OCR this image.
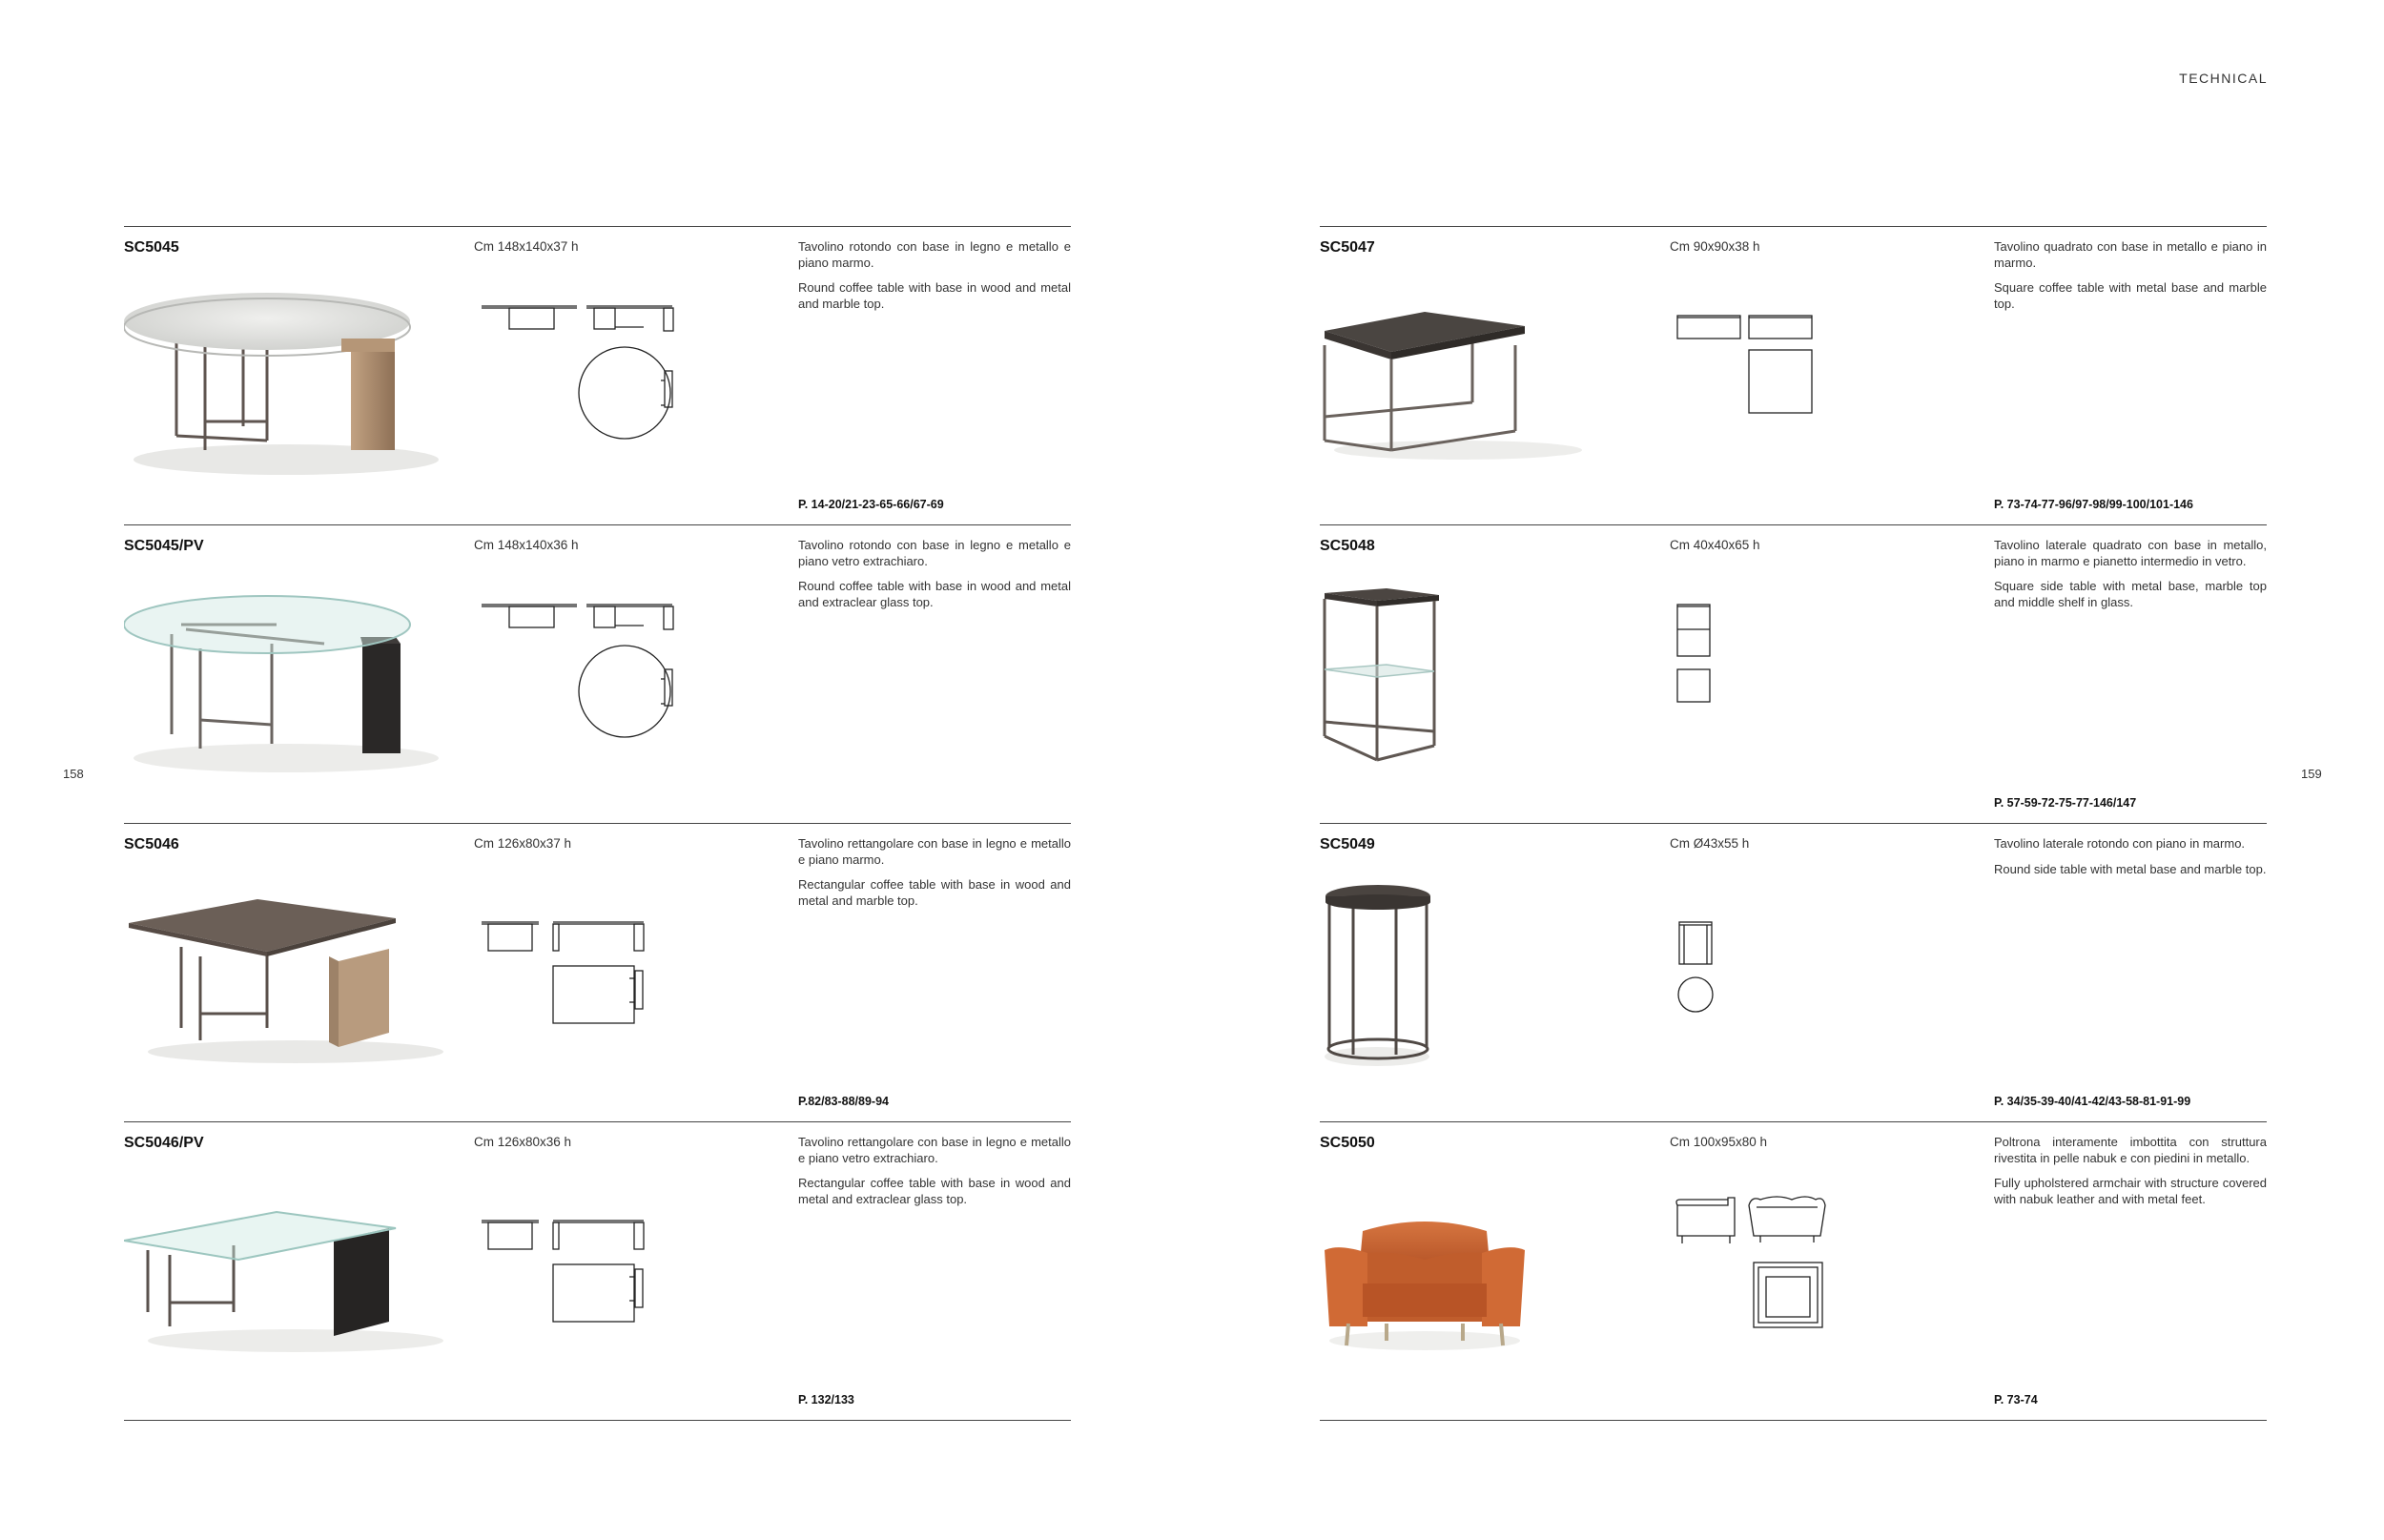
TECHNICAL
158	159
SC5045	Cm 148x140x37 h	Tavolino rotondo con base in legno e metallo e piano marmo.

Round coffee table with base in wood and metal and marble top.

P. 14-20/21-23-65-66/67-69
SC5045/PV	Cm 148x140x36 h	Tavolino rotondo con base in legno e metallo e piano vetro extrachiaro.

Round coffee table with base in wood and metal and extraclear glass top.

SC5046	Cm 126x80x37 h	Tavolino rettangolare con base in legno e metallo e piano marmo.

Rectangular coffee table with base in wood and metal and marble top.

P.82/83-88/89-94
SC5046/PV	Cm 126x80x36 h	Tavolino rettangolare con base in legno e metallo e piano vetro extrachiaro.

Rectangular coffee table with base in wood and metal and extraclear glass top.

P. 132/133
SC5047	Cm 90x90x38 h	Tavolino quadrato con base in metallo e piano in marmo.

Square coffee table with metal base and marble top.

P. 73-74-77-96/97-98/99-100/101-146
SC5048	Cm 40x40x65 h	Tavolino laterale quadrato con base in metallo, piano in marmo e pianetto intermedio in vetro.

Square side table with metal base, marble top and middle shelf in glass.

P. 57-59-72-75-77-146/147
SC5049	Cm Ø43x55 h	Tavolino laterale rotondo con piano in marmo.

Round side table with metal base and marble top.

P. 34/35-39-40/41-42/43-58-81-91-99
SC5050	Cm 100x95x80 h	Poltrona interamente imbottita con struttura rivestita in pelle nabuk e con piedini in metallo.

Fully upholstered armchair with structure covered with nabuk leather and with metal feet.

P. 73-74
